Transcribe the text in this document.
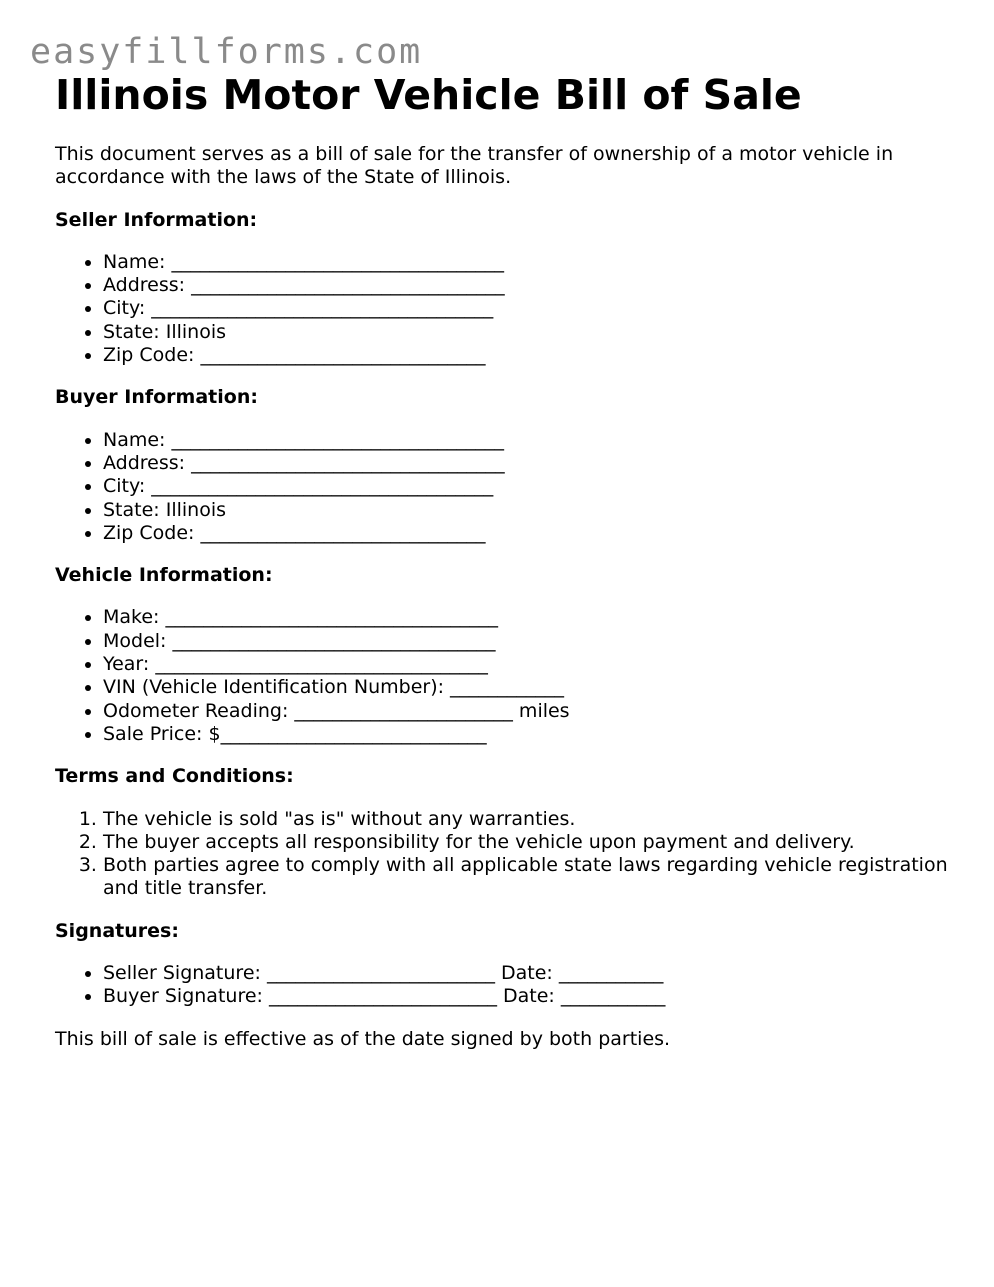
easyfillforms.com
Illinois Motor Vehicle Bill of Sale

This document serves as a bill of sale for the transfer of ownership of a motor vehicle in accordance with the laws of the State of Illinois.

Seller Information:
• Name: ___________________________________
• Address: _________________________________
• City: ____________________________________
• State: Illinois
• Zip Code: ______________________________
Buyer Information:
• Name: ___________________________________
• Address: _________________________________
• City: ____________________________________
• State: Illinois
• Zip Code: ______________________________
Vehicle Information:
• Make: ___________________________________
• Model: __________________________________
• Year: ___________________________________
• VIN (Vehicle Identification Number): ____________
• Odometer Reading: _______________________ miles
• Sale Price: $____________________________
Terms and Conditions:
1. The vehicle is sold "as is" without any warranties.
2. The buyer accepts all responsibility for the vehicle upon payment and delivery.
3. Both parties agree to comply with all applicable state laws regarding vehicle registration and title transfer.
Signatures:
• Seller Signature: ________________________ Date: ___________
• Buyer Signature: ________________________ Date: ___________

This bill of sale is effective as of the date signed by both parties.
